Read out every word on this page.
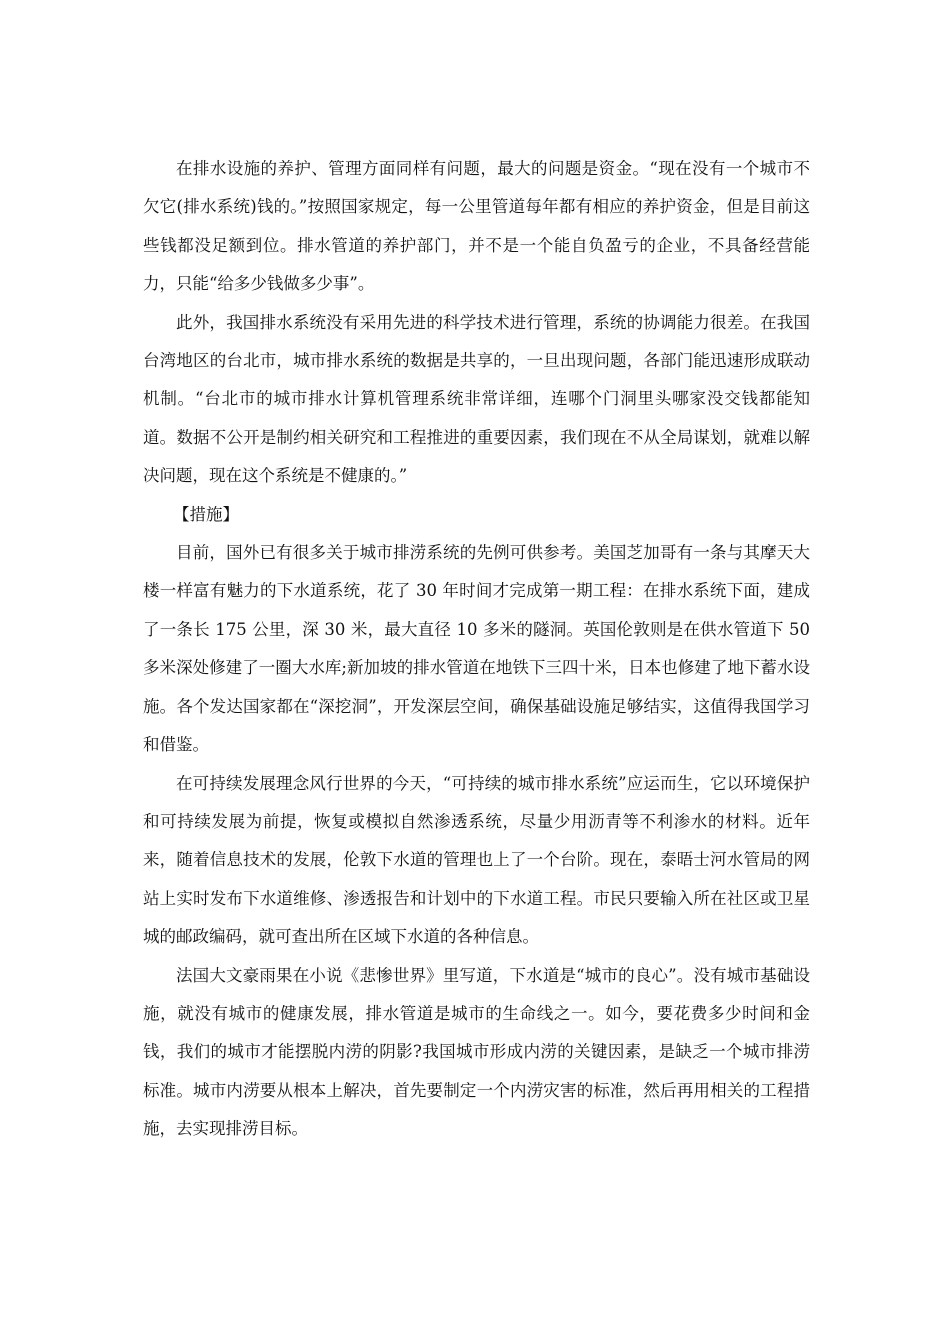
在排水设施的养护、管理方面同样有问题，最大的问题是资金。“现在没有一个城市不欠它(排水系统)钱的。”按照国家规定，每一公里管道每年都有相应的养护资金，但是目前这些钱都没足额到位。排水管道的养护部门，并不是一个能自负盈亏的企业，不具备经营能力，只能“给多少钱做多少事”。

此外，我国排水系统没有采用先进的科学技术进行管理，系统的协调能力很差。在我国台湾地区的台北市，城市排水系统的数据是共享的，一旦出现问题，各部门能迅速形成联动机制。“台北市的城市排水计算机管理系统非常详细，连哪个门洞里头哪家没交钱都能知道。数据不公开是制约相关研究和工程推进的重要因素，我们现在不从全局谋划，就难以解决问题，现在这个系统是不健康的。”

【措施】

目前，国外已有很多关于城市排涝系统的先例可供参考。美国芝加哥有一条与其摩天大楼一样富有魅力的下水道系统，花了 30 年时间才完成第一期工程：在排水系统下面，建成了一条长 175 公里，深 30 米，最大直径 10 多米的隧洞。英国伦敦则是在供水管道下 50 多米深处修建了一圈大水库;新加坡的排水管道在地铁下三四十米，日本也修建了地下蓄水设施。各个发达国家都在“深挖洞”，开发深层空间，确保基础设施足够结实，这值得我国学习和借鉴。

在可持续发展理念风行世界的今天，“可持续的城市排水系统”应运而生，它以环境保护和可持续发展为前提，恢复或模拟自然渗透系统，尽量少用沥青等不利渗水的材料。近年来，随着信息技术的发展，伦敦下水道的管理也上了一个台阶。现在，泰晤士河水管局的网站上实时发布下水道维修、渗透报告和计划中的下水道工程。市民只要输入所在社区或卫星城的邮政编码，就可查出所在区域下水道的各种信息。

法国大文豪雨果在小说《悲惨世界》里写道，下水道是“城市的良心”。没有城市基础设施，就没有城市的健康发展，排水管道是城市的生命线之一。如今，要花费多少时间和金钱，我们的城市才能摆脱内涝的阴影?我国城市形成内涝的关键因素，是缺乏一个城市排涝标准。城市内涝要从根本上解决，首先要制定一个内涝灾害的标准，然后再用相关的工程措施，去实现排涝目标。
